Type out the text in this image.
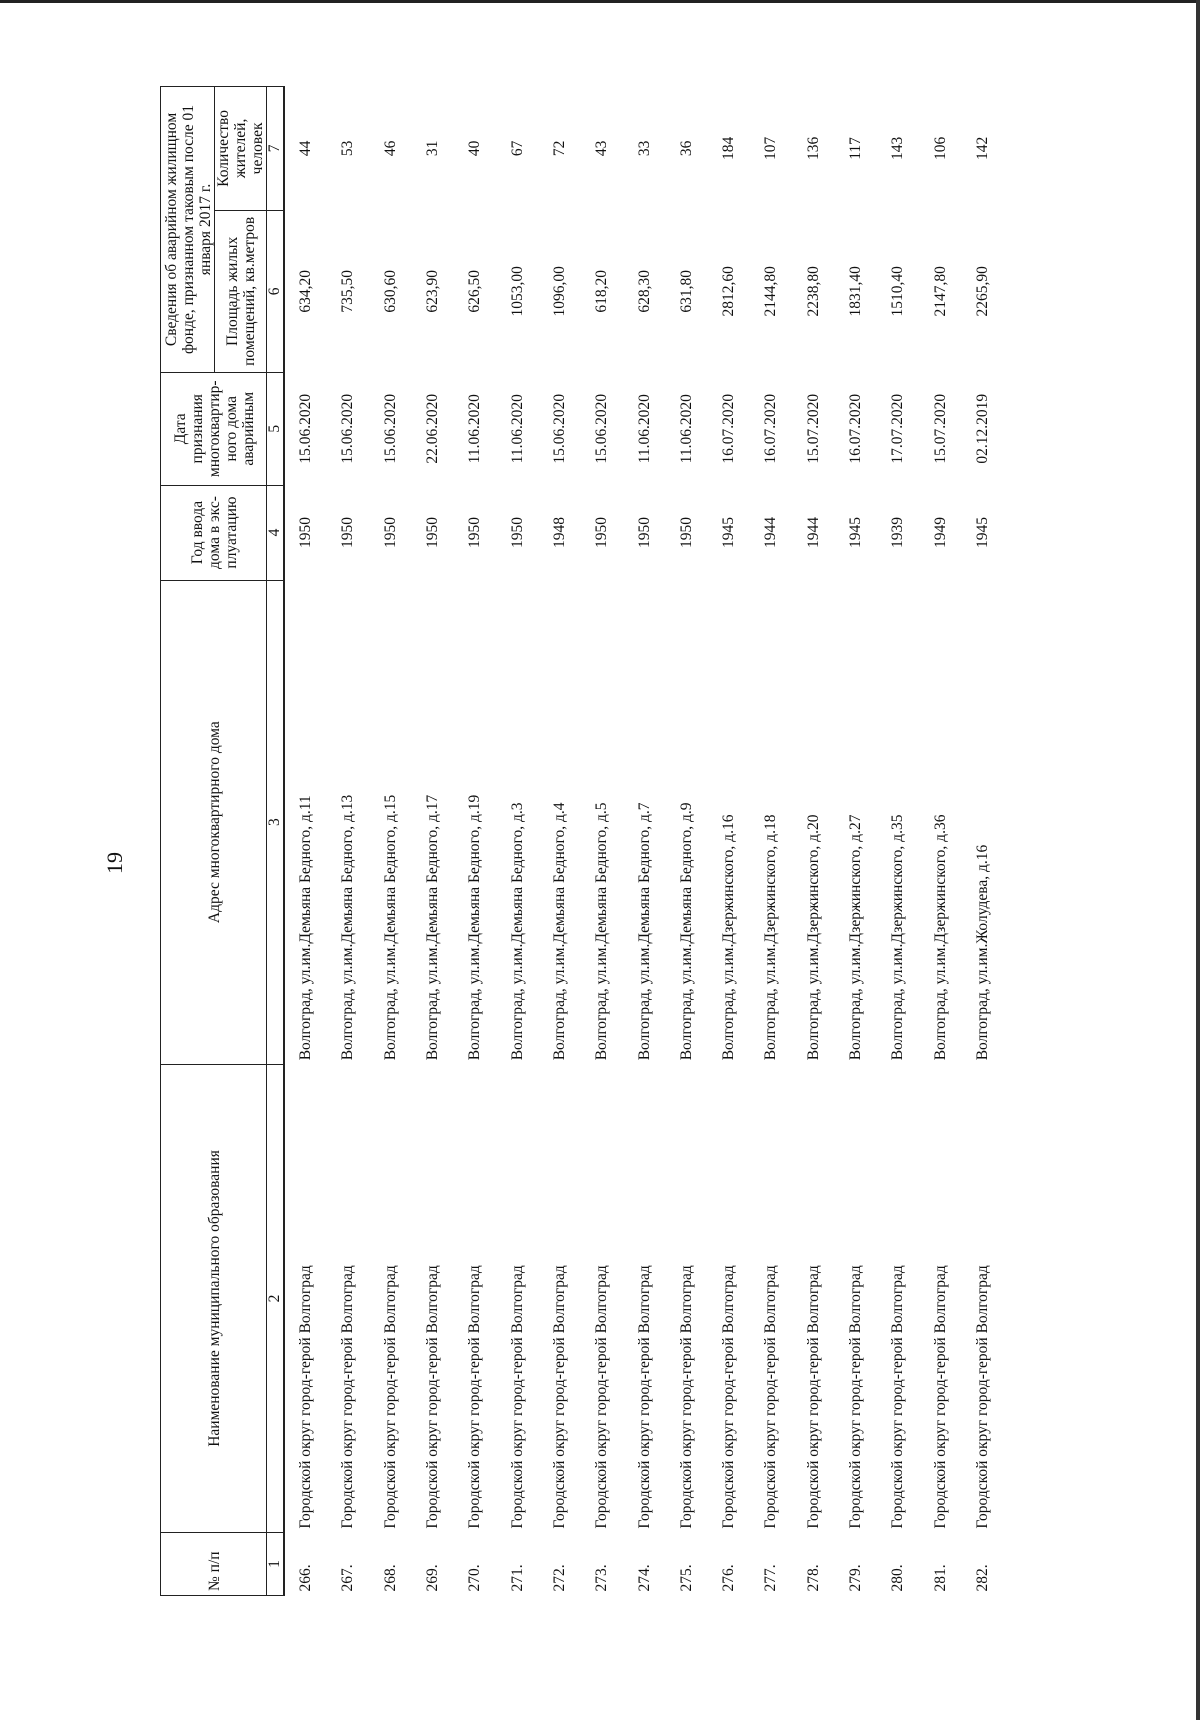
19
№ п/п	Наименование муниципального образования	Адрес многоквартирного дома	Год ввода дома в экс-плуатацию	Дата признания многоквартир-ного дома аварийным	Сведения об аварийном жилищном фонде, признанном таковым после 01 января 2017 г.	
					Площадь жилых помещений, кв.метров	Количество жителей, человек
1	2	3	4	5	6	7
266.	Городской округ город-герой Волгоград	Волгоград, ул.им.Демьяна Бедного, д.11	1950	15.06.2020	634,20	44
267.	Городской округ город-герой Волгоград	Волгоград, ул.им.Демьяна Бедного, д.13	1950	15.06.2020	735,50	53
268.	Городской округ город-герой Волгоград	Волгоград, ул.им.Демьяна Бедного, д.15	1950	15.06.2020	630,60	46
269.	Городской округ город-герой Волгоград	Волгоград, ул.им.Демьяна Бедного, д.17	1950	22.06.2020	623,90	31
270.	Городской округ город-герой Волгоград	Волгоград, ул.им.Демьяна Бедного, д.19	1950	11.06.2020	626,50	40
271.	Городской округ город-герой Волгоград	Волгоград, ул.им.Демьяна Бедного, д.3	1950	11.06.2020	1053,00	67
272.	Городской округ город-герой Волгоград	Волгоград, ул.им.Демьяна Бедного, д.4	1948	15.06.2020	1096,00	72
273.	Городской округ город-герой Волгоград	Волгоград, ул.им.Демьяна Бедного, д.5	1950	15.06.2020	618,20	43
274.	Городской округ город-герой Волгоград	Волгоград, ул.им.Демьяна Бедного, д.7	1950	11.06.2020	628,30	33
275.	Городской округ город-герой Волгоград	Волгоград, ул.им.Демьяна Бедного, д.9	1950	11.06.2020	631,80	36
276.	Городской округ город-герой Волгоград	Волгоград, ул.им.Дзержинского, д.16	1945	16.07.2020	2812,60	184
277.	Городской округ город-герой Волгоград	Волгоград, ул.им.Дзержинского, д.18	1944	16.07.2020	2144,80	107
278.	Городской округ город-герой Волгоград	Волгоград, ул.им.Дзержинского, д.20	1944	15.07.2020	2238,80	136
279.	Городской округ город-герой Волгоград	Волгоград, ул.им.Дзержинского, д.27	1945	16.07.2020	1831,40	117
280.	Городской округ город-герой Волгоград	Волгоград, ул.им.Дзержинского, д.35	1939	17.07.2020	1510,40	143
281.	Городской округ город-герой Волгоград	Волгоград, ул.им.Дзержинского, д.36	1949	15.07.2020	2147,80	106
282.	Городской округ город-герой Волгоград	Волгоград, ул.им.Жолудева, д.16	1945	02.12.2019	2265,90	142
